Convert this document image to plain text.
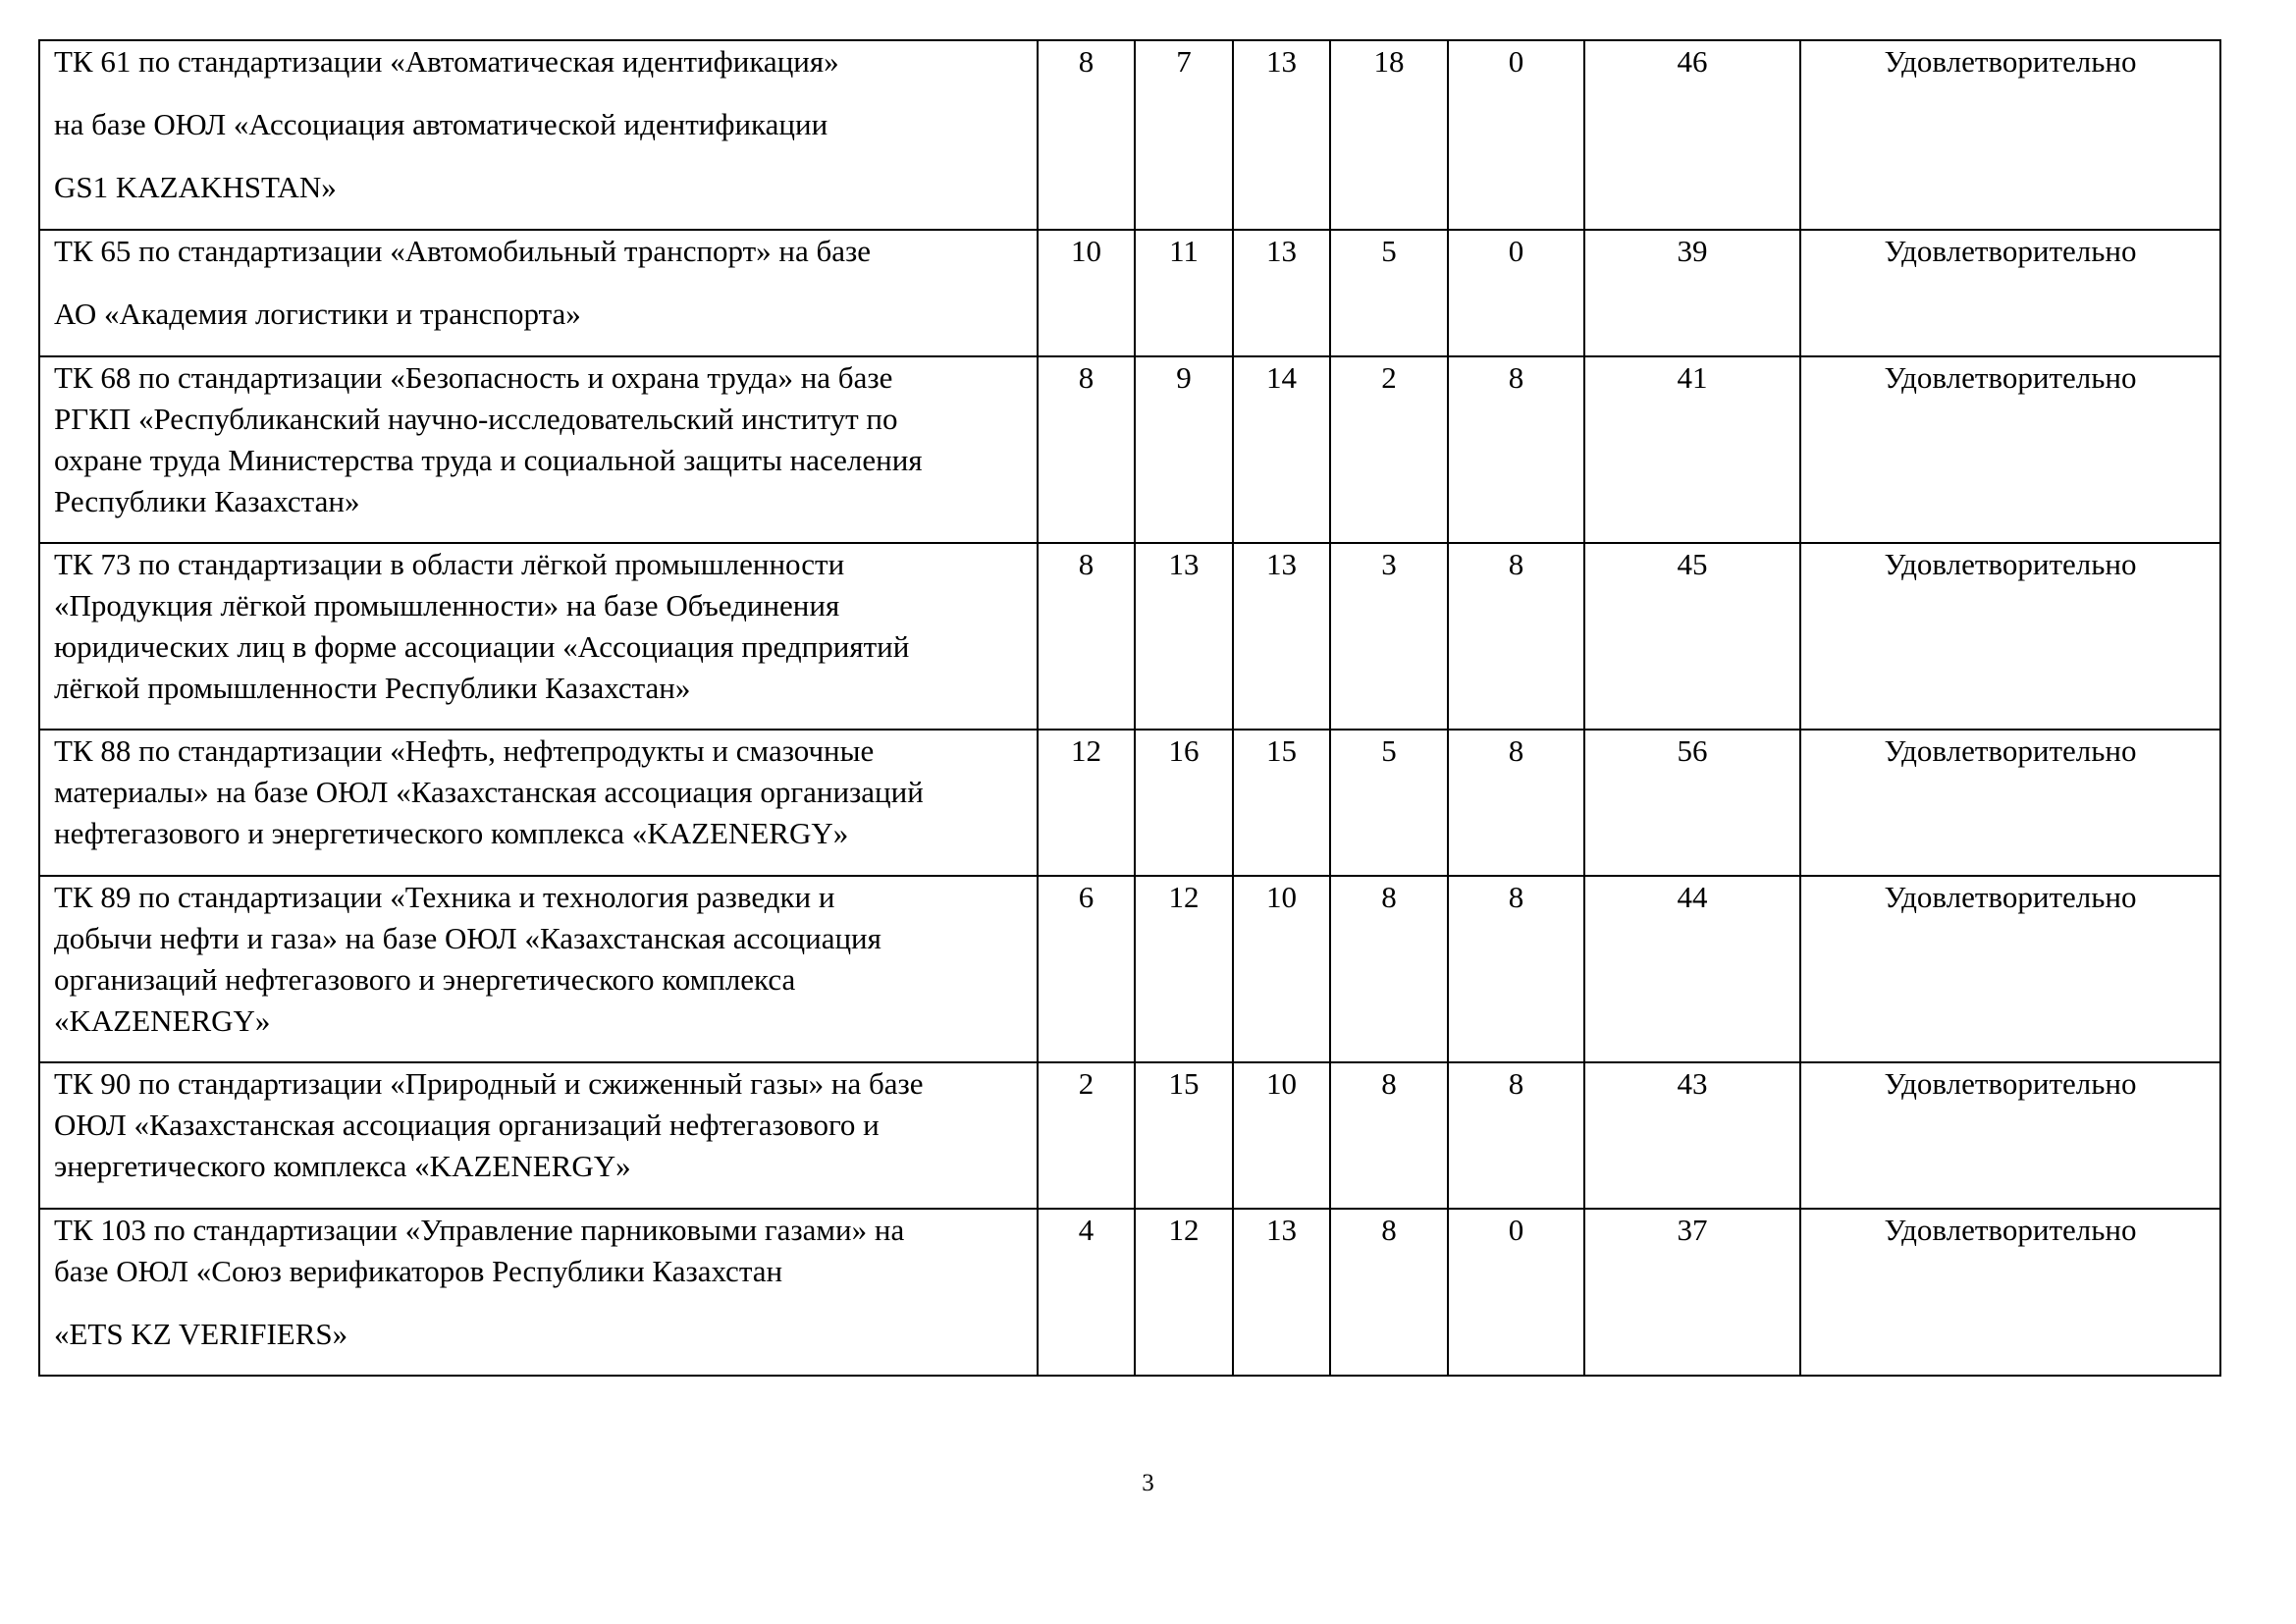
ТК 61 по стандартизации «Автоматическая идентификация»
на базе ОЮЛ «Ассоциация автоматической идентификации
GS1 KAZAKHSTAN»	8	7	13	18	0	46	Удовлетворительно

ТК 65 по стандартизации «Автомобильный транспорт» на базе
АО «Академия логистики и транспорта»	10	11	13	5	0	39	Удовлетворительно

ТК 68 по стандартизации «Безопасность и охрана труда» на базе
РГКП «Республиканский научно-исследовательский институт по
охране труда Министерства труда и социальной защиты населения
Республики Казахстан»	8	9	14	2	8	41	Удовлетворительно

ТК 73 по стандартизации в области лёгкой промышленности
«Продукция лёгкой промышленности» на базе Объединения
юридических лиц в форме ассоциации «Ассоциация предприятий
лёгкой промышленности Республики Казахстан»	8	13	13	3	8	45	Удовлетворительно

ТК 88 по стандартизации «Нефть, нефтепродукты и смазочные
материалы» на базе ОЮЛ «Казахстанская ассоциация организаций
нефтегазового и энергетического комплекса «KAZENERGY»	12	16	15	5	8	56	Удовлетворительно

ТК 89 по стандартизации «Техника и технология разведки и
добычи нефти и газа» на базе ОЮЛ «Казахстанская ассоциация
организаций нефтегазового и энергетического комплекса
«KAZENERGY»	6	12	10	8	8	44	Удовлетворительно

ТК 90 по стандартизации «Природный и сжиженный газы» на базе
ОЮЛ «Казахстанская ассоциация организаций нефтегазового и
энергетического комплекса «KAZENERGY»	2	15	10	8	8	43	Удовлетворительно

ТК 103 по стандартизации «Управление парниковыми газами» на
базе ОЮЛ «Союз верификаторов Республики Казахстан
«ETS KZ VERIFIERS»	4	12	13	8	0	37	Удовлетворительно
3
